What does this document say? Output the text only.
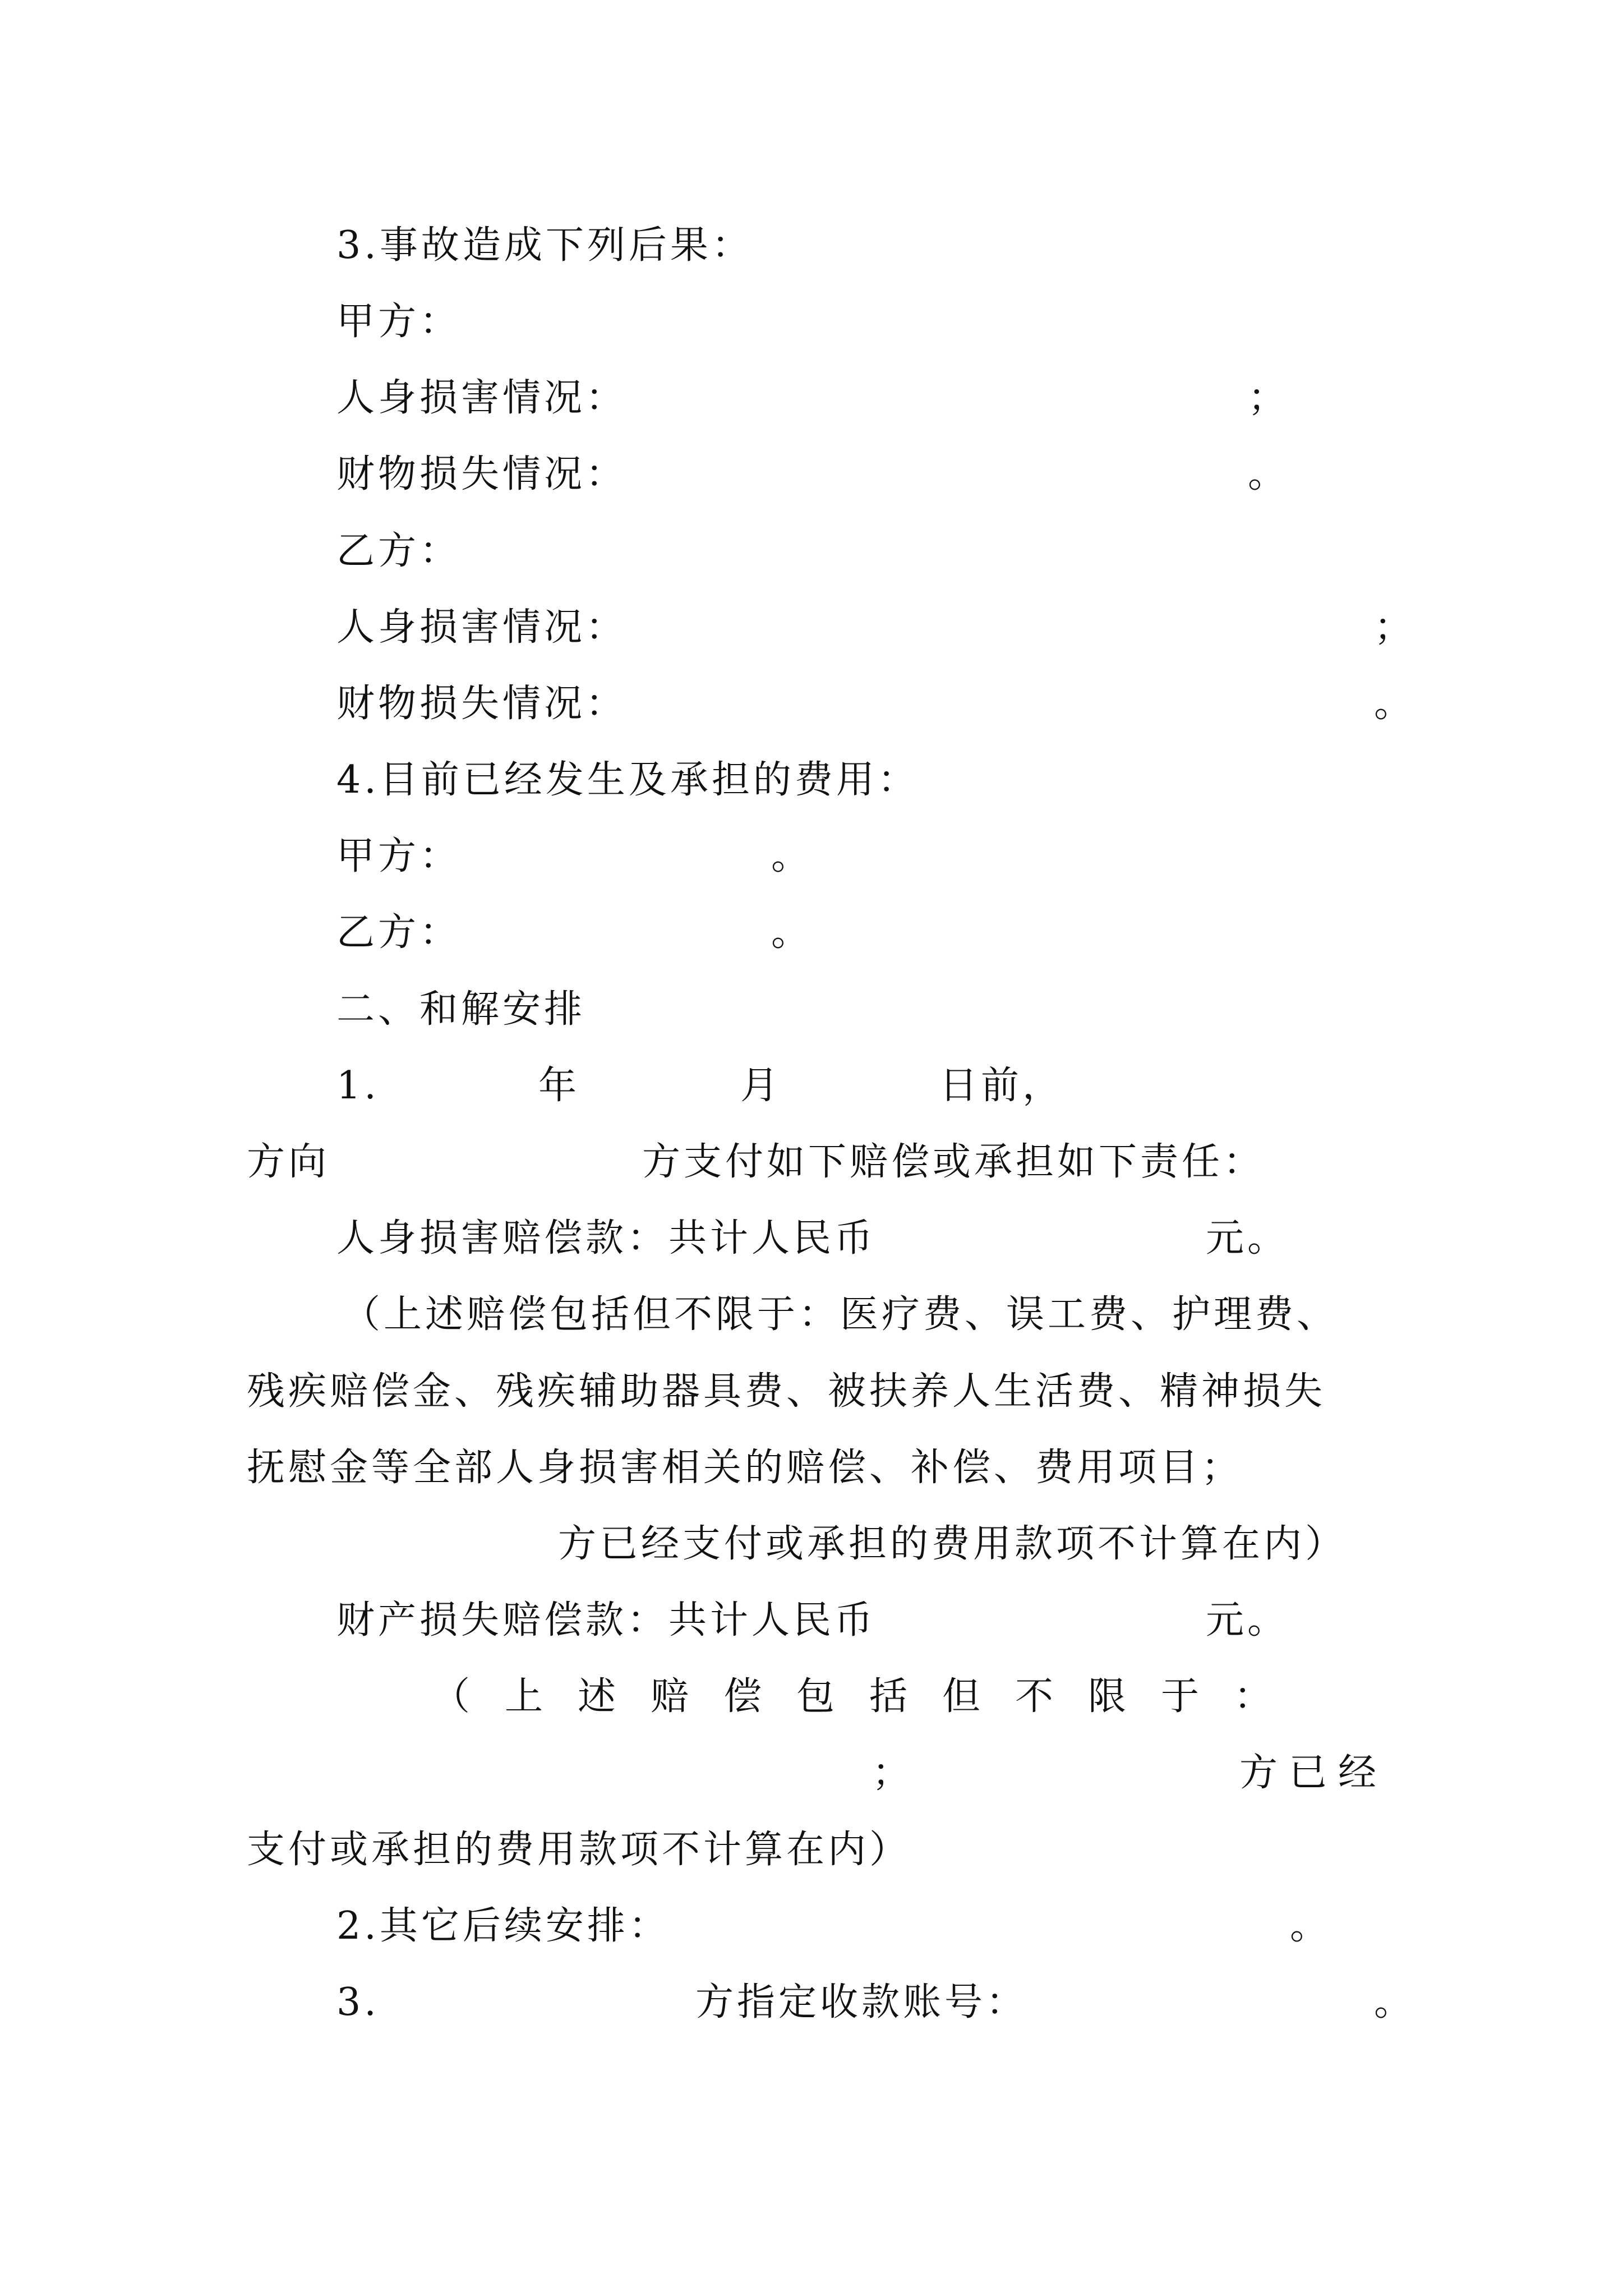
3.事故造成下列后果：
甲方：
人身损害情况：	；
财物损失情况：	。
乙方：
人身损害情况：	；
财物损失情况：	。
4.目前已经发生及承担的费用：
甲方：	。
乙方：	。
二、和解安排
1.	年	月	日前，
方向	方支付如下赔偿或承担如下责任：
人身损害赔偿款：共计人民币	元。
（上述赔偿包括但不限于：医疗费、误工费、护理费、
残疾赔偿金、残疾辅助器具费、被扶养人生活费、精神损失
抚慰金等全部人身损害相关的赔偿、补偿、费用项目；
方已经支付或承担的费用款项不计算在内）
财产损失赔偿款：共计人民币	元。
（上述赔偿包括但不限于：
；	方已经
支付或承担的费用款项不计算在内）
2.其它后续安排：	。
3.	方指定收款账号：	。
